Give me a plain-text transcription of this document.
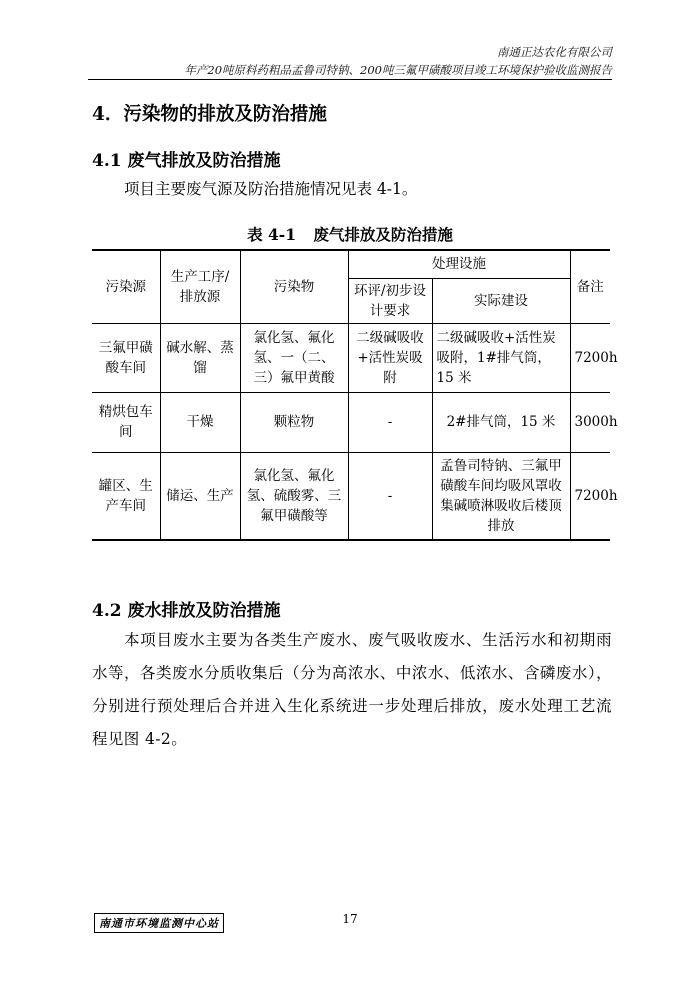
南通正达农化有限公司
年产20吨原料药粗品孟鲁司特钠、200吨三氟甲磺酸项目竣工环境保护验收监测报告
4．污染物的排放及防治措施
4.1 废气排放及防治措施
项目主要废气源及防治措施情况见表 4-1。
表 4-1 废气排放及防治措施
污染源	生产工序/排放源	污染物	处理设施		备注
			环评/初步设计要求	实际建设	
三氟甲磺酸车间	碱水解、蒸馏	氯化氢、氟化氢、一（二、三）氟甲黄酸	二级碱吸收+活性炭吸附	二级碱吸收+活性炭吸附，1#排气筒，15 米	7200h
精烘包车间	干燥	颗粒物	-	2#排气筒，15 米	3000h
罐区、生产车间	储运、生产	氯化氢、氟化氢、硫酸雾、三氟甲磺酸等	-	孟鲁司特钠、三氟甲磺酸车间均吸风罩收集碱喷淋吸收后楼顶排放	7200h
4.2 废水排放及防治措施
本项目废水主要为各类生产废水、废气吸收废水、生活污水和初期雨水等，各类废水分质收集后（分为高浓水、中浓水、低浓水、含磷废水），分别进行预处理后合并进入生化系统进一步处理后排放，废水处理工艺流程见图 4-2。
南通市环境监测中心站	17
